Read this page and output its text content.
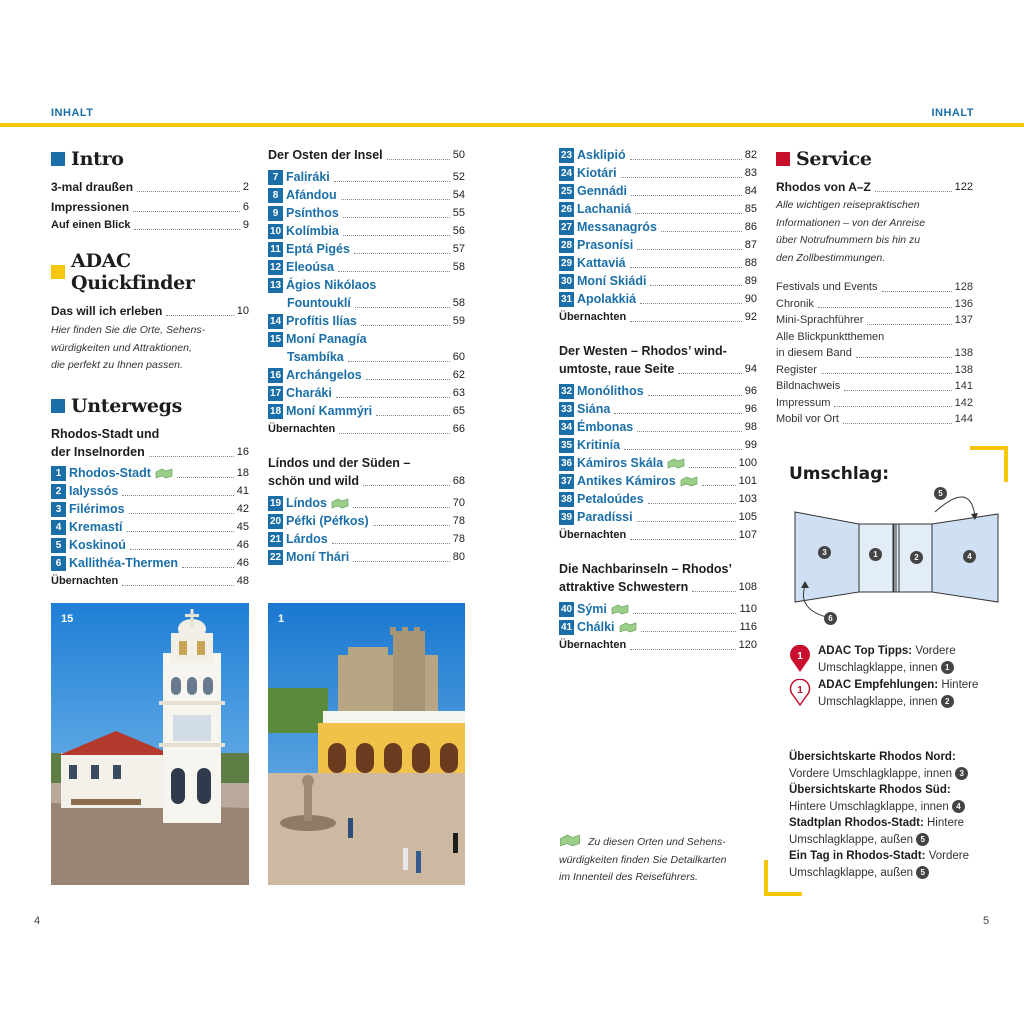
INHALT	INHALT
4	5
Intro
3-mal draußen	2
Impressionen	6
Auf einen Blick	9
ADAC Quickfinder
Das will ich erleben	10
Hier finden Sie die Orte, Sehens-
würdigkeiten und Attraktionen,
die perfekt zu Ihnen passen.
Unterwegs
Rhodos-Stadt und
der Inselnorden	16
1 Rhodos-Stadt	18
2 Ialyssós	41
3 Filérimos	42
4 Kremastí	45
5 Koskinoú	46
6 Kallithéa-Thermen	46
Übernachten	48
Der Osten der Insel	50
7 Faliráki	52
8 Afándou	54
9 Psínthos	55
10 Kolímbia	56
11 Eptá Pigés	57
12 Eleoúsa	58
13 Ágios Nikólaos
Fountouklí	58
14 Profítis Ilías	59
15 Moní Panagía
Tsambíka	60
16 Archángelos	62
17 Charáki	63
18 Moní Kammýri	65
Übernachten	66
Líndos und der Süden –
schön und wild	68
19 Líndos	70
20 Péfki (Péfkos)	78
21 Lárdos	78
22 Moní Thári	80
15	1
23 Asklipió	82
24 Kiotári	83
25 Gennádi	84
26 Lachaniá	85
27 Messanagrós	86
28 Prasonísi	87
29 Kattaviá	88
30 Moní Skiádi	89
31 Apolakkiá	90
Übernachten	92
Der Westen – Rhodos’ wind-
umtoste, raue Seite	94
32 Monólithos	96
33 Siána	96
34 Émbonas	98
35 Kritinía	99
36 Kámiros Skála	100
37 Antikes Kámiros	101
38 Petaloúdes	103
39 Paradíssi	105
Übernachten	107
Die Nachbarinseln – Rhodos’
attraktive Schwestern	108
40 Sými	110
41 Chálki	116
Übernachten	120
Zu diesen Orten und Sehens-
würdigkeiten finden Sie Detailkarten
im Innenteil des Reiseführers.
Service
Rhodos von A–Z	122
Alle wichtigen reisepraktischen
Informationen – von der Anreise
über Notrufnummern bis hin zu
den Zollbestimmungen.
Festivals und Events	128
Chronik	136
Mini-Sprachführer	137
Alle Blickpunktthemen
in diesem Band	138
Register	138
Bildnachweis	141
Impressum	142
Mobil vor Ort	144
Umschlag:
3	1	2	4
5
6
1	ADAC Top Tipps: Vordere
Umschlagklappe, innen 1
1	ADAC Empfehlungen: Hintere
Umschlagklappe, innen 2
Übersichtskarte Rhodos Nord:
Vordere Umschlagklappe, innen 3
Übersichtskarte Rhodos Süd:
Hintere Umschlagklappe, innen 4
Stadtplan Rhodos-Stadt: Hintere
Umschlagklappe, außen 5
Ein Tag in Rhodos-Stadt: Vordere
Umschlagklappe, außen 5
